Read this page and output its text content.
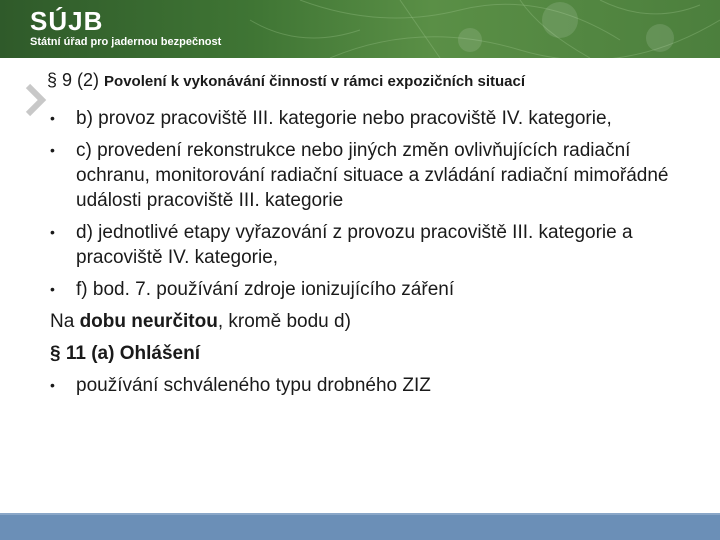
SÚJB
Státní úřad pro jadernou bezpečnost
§ 9 (2) Povolení k vykonávání činností v rámci expozičních situací
• b) provoz pracoviště III. kategorie nebo pracoviště IV. kategorie,
• c) provedení rekonstrukce nebo jiných změn ovlivňujících radiační ochranu, monitorování radiační situace a zvládání radiační mimořádné události pracoviště III. kategorie
• d) jednotlivé etapy vyřazování z provozu pracoviště III. kategorie a pracoviště IV. kategorie,
• f) bod. 7. používání zdroje ionizujícího záření
Na dobu neurčitou, kromě bodu d)
§ 11 (a) Ohlášení
• používání schváleného typu drobného ZIZ
